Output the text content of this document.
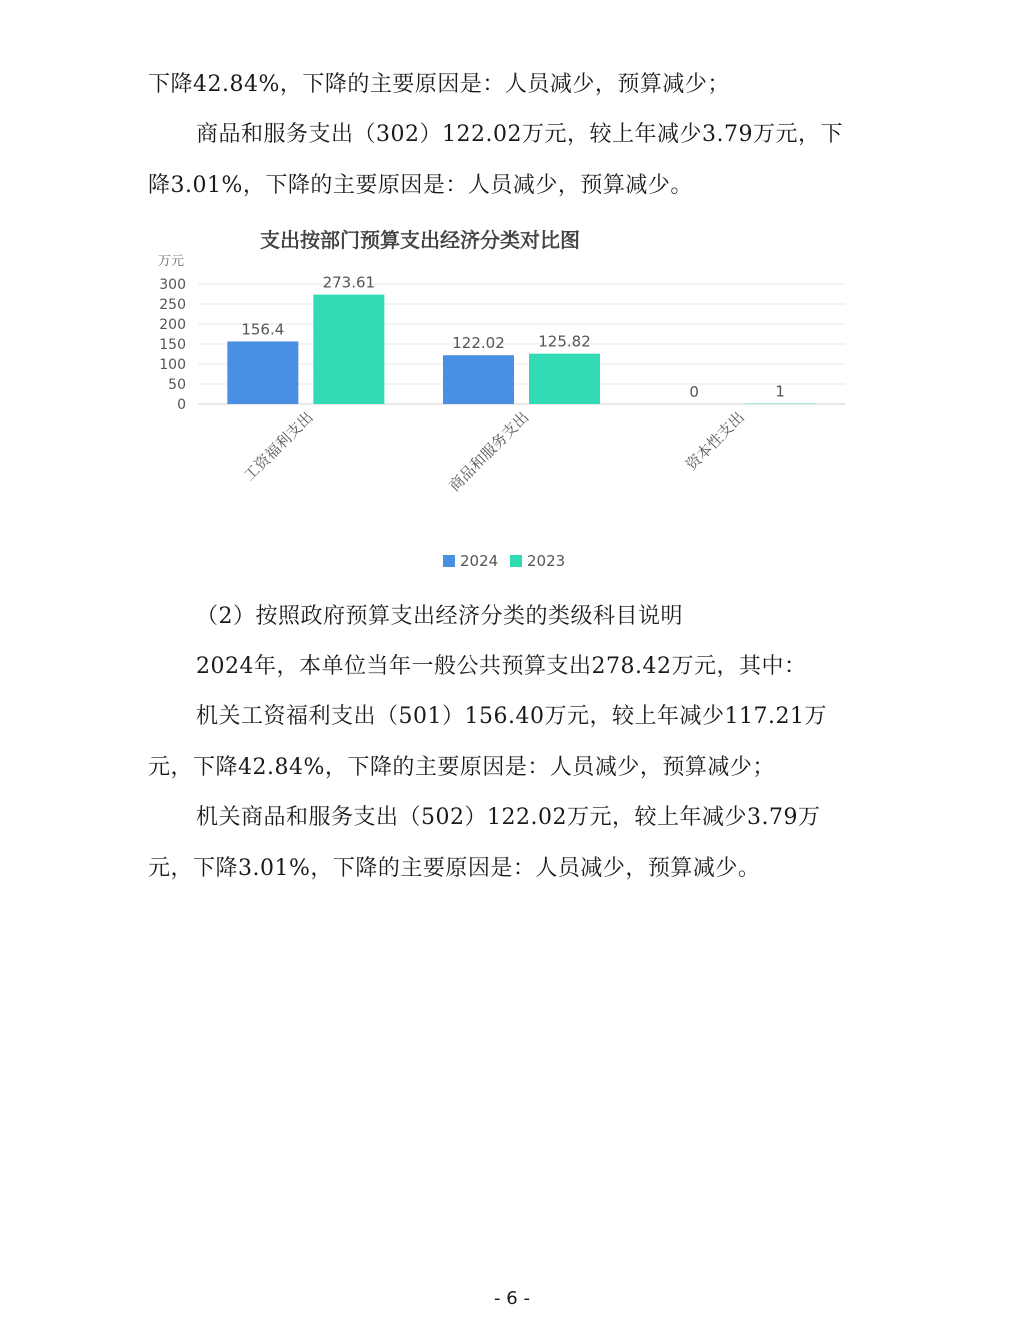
下降42.84%，下降的主要原因是：人员减少，预算减少；

商品和服务支出（302）122.02万元，较上年减少3.79万元，下降3.01%，下降的主要原因是：人员减少，预算减少。

支出按部门预算支出经济分类对比图
万元
0
50
100
150
200
250
300
156.4
273.61
122.02 125.82
0	1
工资福利支出	商品和服务支出	资本性支出
2024 2023

（2）按照政府预算支出经济分类的类级科目说明

2024年，本单位当年一般公共预算支出278.42万元，其中：

机关工资福利支出（501）156.40万元，较上年减少117.21万元，下降42.84%，下降的主要原因是：人员减少，预算减少；

机关商品和服务支出（502）122.02万元，较上年减少3.79万元，下降3.01%，下降的主要原因是：人员减少，预算减少。

- 6 -
